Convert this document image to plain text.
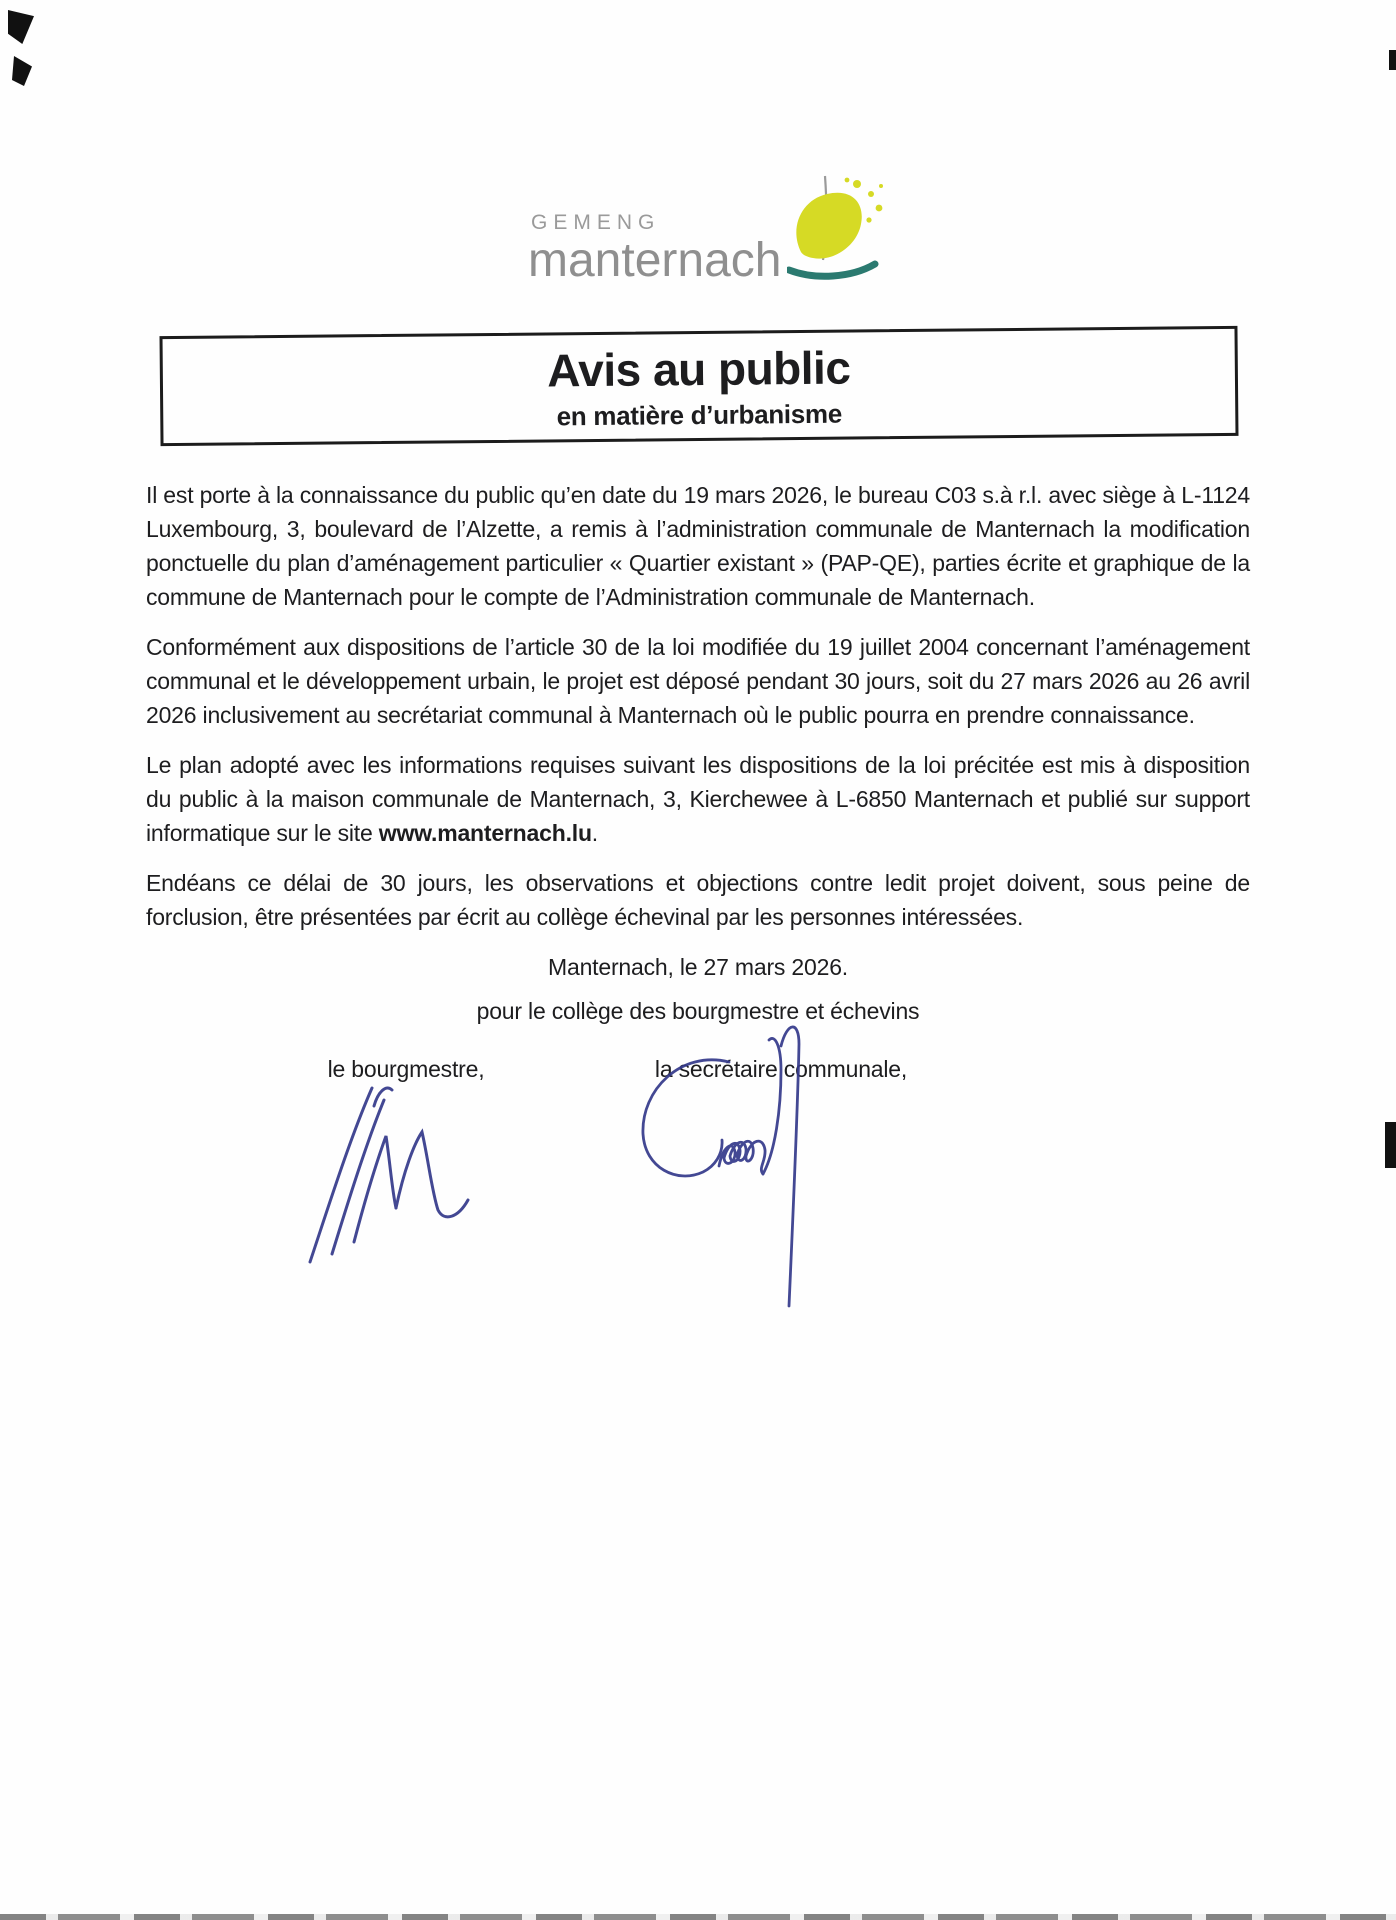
GEMENG
manternach
Avis au public
en matière d’urbanisme

Il est porte à la connaissance du public qu’en date du 19 mars 2026, le bureau C03 s.à r.l. avec siège à L-1124 Luxembourg, 3, boulevard de l’Alzette, a remis à l’administration communale de Manternach la modification ponctuelle du plan d’aménagement particulier « Quartier existant » (PAP-QE), parties écrite et graphique de la commune de Manternach pour le compte de l’Administration communale de Manternach.

Conformément aux dispositions de l’article 30 de la loi modifiée du 19 juillet 2004 concernant l’aménagement communal et le développement urbain, le projet est déposé pendant 30 jours, soit du 27 mars 2026 au 26 avril 2026 inclusivement au secrétariat communal à Manternach où le public pourra en prendre connaissance.

Le plan adopté avec les informations requises suivant les dispositions de la loi précitée est mis à disposition du public à la maison communale de Manternach, 3, Kierchewee à L-6850 Manternach et publié sur support informatique sur le site www.manternach.lu.

Endéans ce délai de 30 jours, les observations et objections contre ledit projet doivent, sous peine de forclusion, être présentées par écrit au collège échevinal par les personnes intéressées.

Manternach, le 27 mars 2026.
pour le collège des bourgmestre et échevins
le bourgmestre,	la secrétaire communale,
